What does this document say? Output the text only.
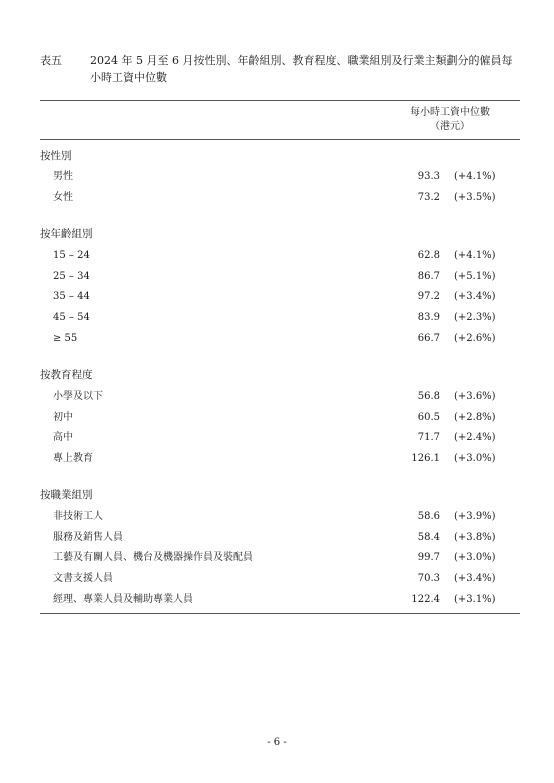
表五	2024 年 5 月至 6 月按性別、年齡組別、教育程度、職業組別及行業主類劃分的僱員每小時工資中位數
每小時工資中位數
（港元）
按性別
男性	93.3 (+4.1%)
女性	73.2 (+3.5%)
按年齡組別
15 – 24	62.8 (+4.1%)
25 – 34	86.7 (+5.1%)
35 – 44	97.2 (+3.4%)
45 – 54	83.9 (+2.3%)
≥ 55	66.7 (+2.6%)
按教育程度
小學及以下	56.8 (+3.6%)
初中	60.5 (+2.8%)
高中	71.7 (+2.4%)
專上教育	126.1 (+3.0%)
按職業組別
非技術工人	58.6 (+3.9%)
服務及銷售人員	58.4 (+3.8%)
工藝及有關人員、機台及機器操作員及裝配員	99.7 (+3.0%)
文書支援人員	70.3 (+3.4%)
經理、專業人員及輔助專業人員	122.4 (+3.1%)
- 6 -
